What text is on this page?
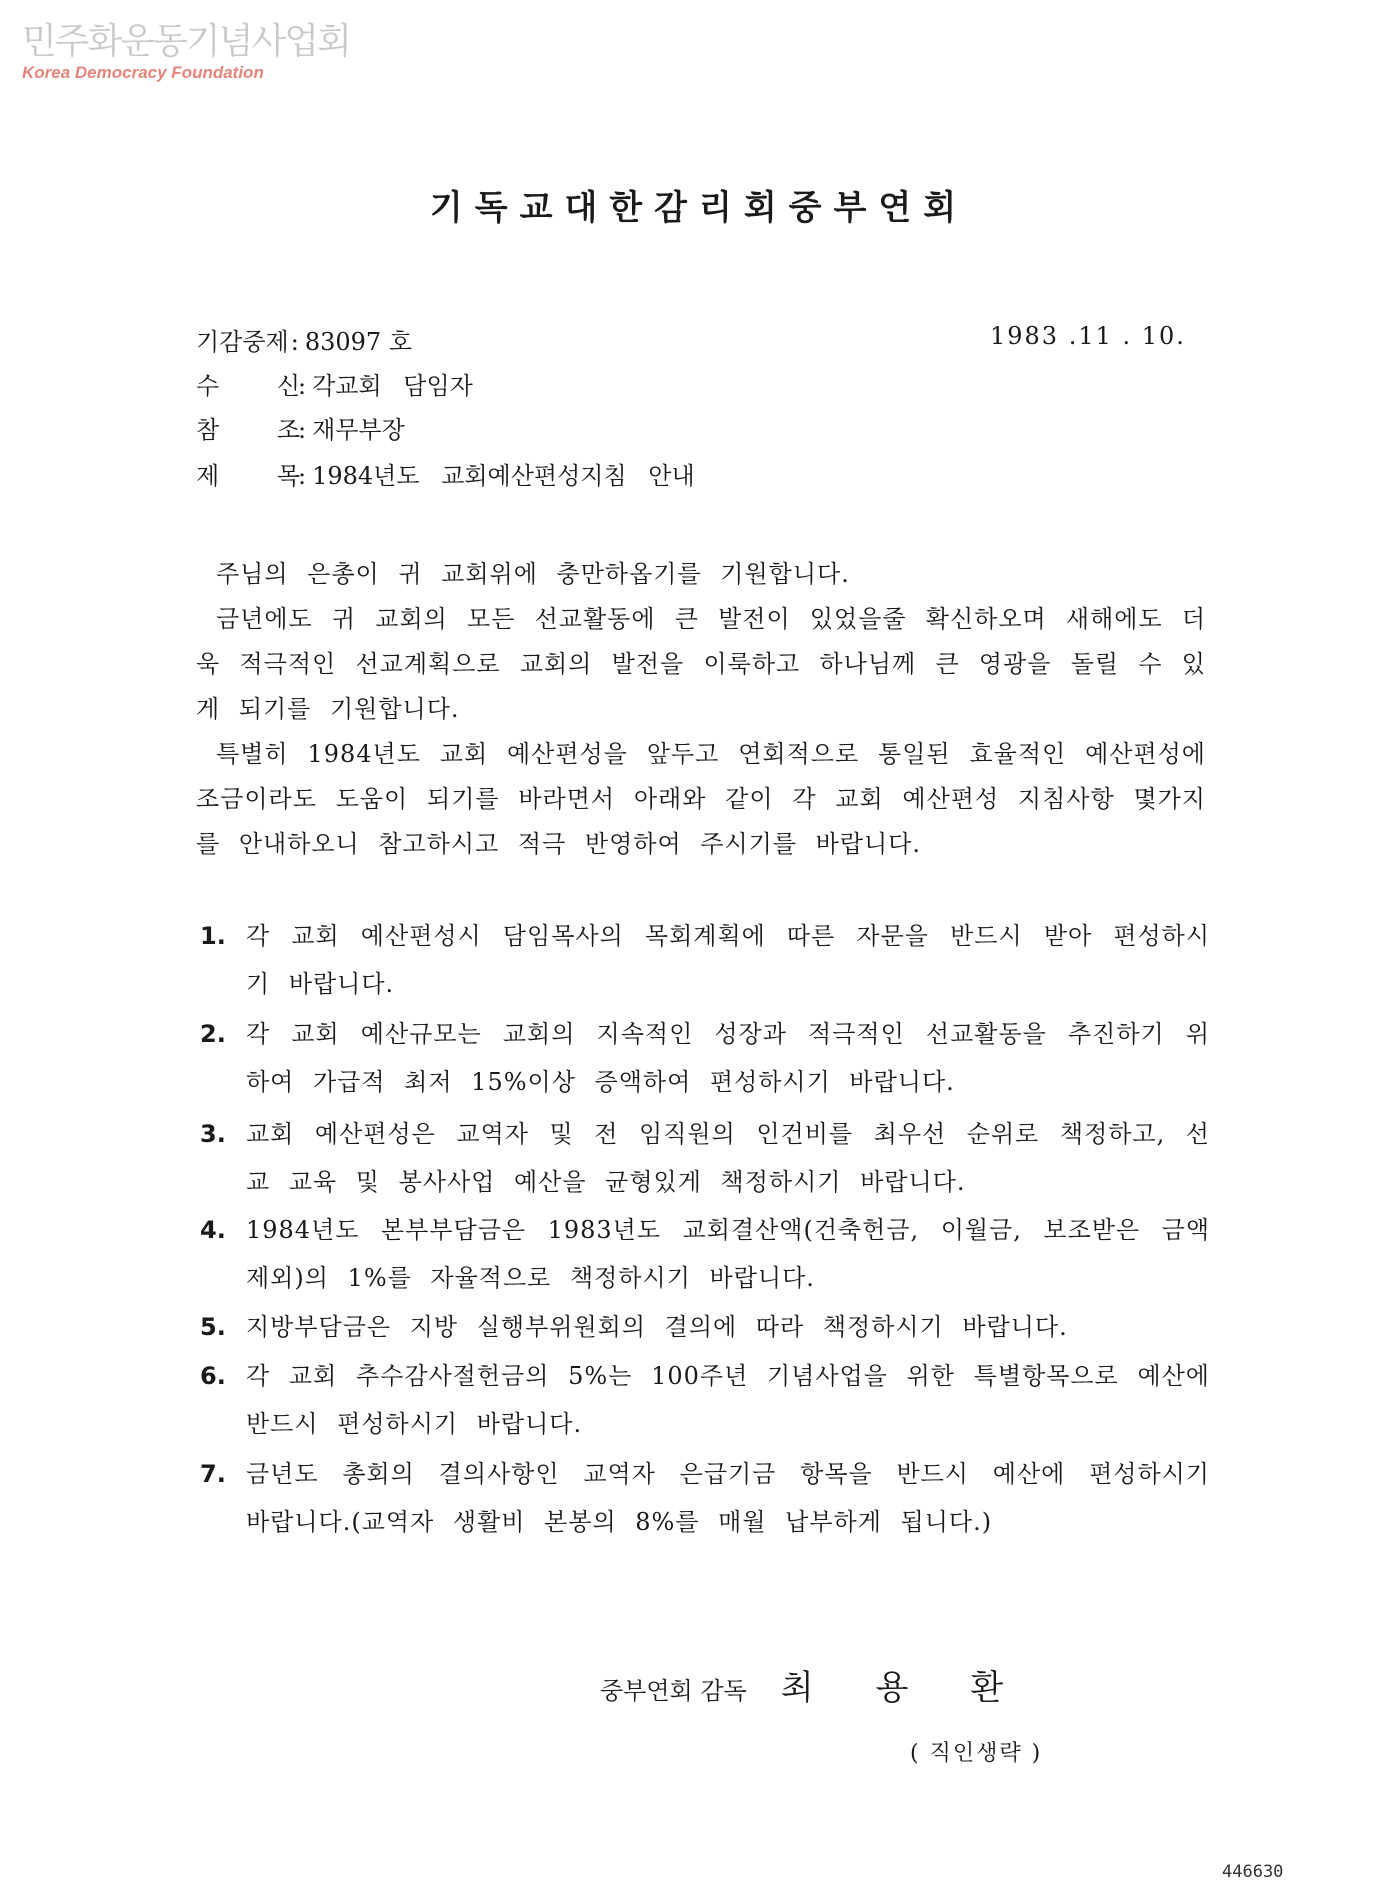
민주화운동기념사업회
Korea Democracy Foundation
기독교대한감리회중부연회
기감중제 : 83097 호	1983 .11 . 10.
수 신
: 각교회 담임자
참 조
: 재무부장
제 목
: 1984년도 교회예산편성지침 안내
주님의 은총이 귀 교회위에 충만하옵기를 기원합니다.
금년에도 귀 교회의 모든 선교활동에 큰 발전이 있었을줄 확신하오며 새해에도 더욱 적극적인 선교계획으로 교회의 발전을 이룩하고 하나님께 큰 영광을 돌릴 수 있게 되기를 기원합니다.
특별히 1984년도 교회 예산편성을 앞두고 연회적으로 통일된 효율적인 예산편성에 조금이라도 도움이 되기를 바라면서 아래와 같이 각 교회 예산편성 지침사항 몇가지를 안내하오니 참고하시고 적극 반영하여 주시기를 바랍니다.
1. 각 교회 예산편성시 담임목사의 목회계획에 따른 자문을 반드시 받아 편성하시기 바랍니다.
2. 각 교회 예산규모는 교회의 지속적인 성장과 적극적인 선교활동을 추진하기 위하여 가급적 최저 15%이상 증액하여 편성하시기 바랍니다.
3. 교회 예산편성은 교역자 및 전 임직원의 인건비를 최우선 순위로 책정하고, 선교 교육 및 봉사사업 예산을 균형있게 책정하시기 바랍니다.
4. 1984년도 본부부담금은 1983년도 교회결산액(건축헌금, 이월금, 보조받은 금액 제외)의 1%를 자율적으로 책정하시기 바랍니다.
5. 지방부담금은 지방 실행부위원회의 결의에 따라 책정하시기 바랍니다.
6. 각 교회 추수감사절헌금의 5%는 100주년 기념사업을 위한 특별항목으로 예산에 반드시 편성하시기 바랍니다.
7. 금년도 총회의 결의사항인 교역자 은급기금 항목을 반드시 예산에 편성하시기 바랍니다.(교역자 생활비 본봉의 8%를 매월 납부하게 됩니다.)
중부연회 감독 최용환
( 직인생략 )
446630
